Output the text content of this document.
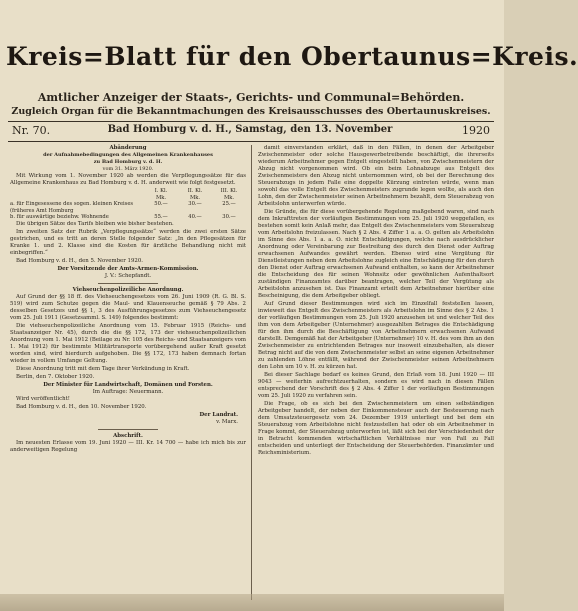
Kreis=Blatt für den Obertaunus=Kreis.
Amtlicher Anzeiger der Staats-, Gerichts- und Communal=Behörden.
Zugleich Organ für die Bekanntmachungen des Kreisausschusses des Obertaunuskreises.
Nr. 70.	Bad Homburg v. d. H., Samstag, den 13. November	1920
Abänderung
der Aufnahmebedingungen des Allgemeinen Krankenhauses
zu Bad Homburg v. d. H.
vom 31. März 1920.

Mit Wirkung vom 1. November 1920 ab werden die Verpflegungssätze für das Allgemeine Krankenhaus zu Bad Homburg v. d. H. anderweit wie folgt festgesetzt.

	I. Kl.	II. Kl.	III. Kl.
	Mk.	Mk.	Mk.
a. für Eingesessene des sogen. kleinen Kreises (früheres Amt Homburg	50.—	30.—	25.—
b. für auswärtige beziehw. Wohnende	55.—	40.—	30.—

Die übrigen Sätze des Tarifs bleiben wie bisher bestehen.

Im zweiten Satz der Rubrik „Verpflegungssätze“ werden die zwei ersten Sätze gestrichen, und es tritt an deren Stelle folgender Satz: „In den Pflegesätzen für Kranke 1. und 2. Klasse sind die Kosten für ärztliche Behandlung nicht mit einbegriffen.“

Bad Homburg v. d. H., den 5. November 1920.

Der Vorsitzende der Amts-Armen-Kommission.
J. V.: Schepfandt.
Viehseuchenpolizeiliche Anordnung.

Auf Grund der §§ 18 ff. des Viehseuchengesetzes vom 26. Juni 1909 (R. G. Bl. S. 519) wird zum Schutze gegen die Maul- und Klauenseuche gemäß § 79 Abs. 2 desselben Gesetzes und §§ 1, 3 des Ausführungsgesetzes zum Viehseuchengesetz vom 25. Juli 1911 (Gesetzsamml. S. 149) folgendes bestimmt:

Die viehseuchenpolizeiliche Anordnung vom 15. Februar 1915 (Reichs- und Staatsanzeiger Nr. 45), durch die die §§ 172, 173 der viehseuchenpolizeilichen Anordnung vom 1. Mai 1912 (Beilage zu Nr. 105 des Reichs- und Staatsanzeigers vom 1. Mai 1912) für bestimmte Militärtransporte vorübergehend außer Kraft gesetzt worden sind, wird hierdurch aufgehoben. Die §§ 172, 173 haben demnach fortan wieder in vollem Umfange Geltung.

Diese Anordnung tritt mit dem Tage ihrer Verkündung in Kraft.

Berlin, den 7. Oktober 1920.

Der Minister für Landwirtschaft, Domänen und Forsten.
Im Auftrage: Neuermann.

Wird veröffentlicht!

Bad Homburg v. d. H., den 10. November 1920.

Der Landrat.
v. Marx.
Abschrift.

Im neuesten Erlasse vom 19. Juni 1920 — III. Kr. 14 700 — habe ich mich bis zur anderweitigen Regelung

damit einverstanden erklärt, daß in den Fällen, in denen der Arbeitgeber Zwischenmeister oder solche Hausgewerbetreibende beschäftigt, die ihrerseits wiederum Arbeitnehmer gegen Entgelt eingestellt haben, von Zwischenmeistern der Abzug nicht vorgenommen wird. Ob ein beim Lohnabzuge aus Entgelt des Zwischenmeisters den Abzug nicht unternommen wird, ob bei der Berechnung des Steuerabzugs in jedem Falle eine doppelte Kürzung eintreten würde, wenn man sowohl das volle Entgelt des Zwischenmeisters zugrunde legen wollte, als auch den Lohn, den der Zwischenmeister seinen Arbeitnehmern bezahlt, dem Steuerabzug von Arbeitslohn unterwerfen würde.

Die Gründe, die für diese vorübergehende Regelung maßgebend waren, sind nach dem Inkrafttreten der vorläufigen Bestimmungen vom 25. Juli 1920 weggefallen, es bestehen somit kein Anlaß mehr, das Entgelt des Zwischenmeisters vom Steuerabzug vom Arbeitslohn freizulassen. Nach § 2 Abs. 4 Ziffer 1 a. a. O. gelten als Arbeitslohn im Sinne des Abs. 1 a. a. O. nicht Entschädigungen, welche nach ausdrücklicher Anordnung oder Vereinbarung zur Bestreitung des durch den Dienst oder Auftrag erwachsenen Aufwandes gewährt werden. Ebenso wird eine Vergütung für Dienstleistungen neben dem Arbeitslohne zugleich eine Entschädigung für den durch den Dienst oder Auftrag erwachsenen Aufwand enthalten, so kann der Arbeitnehmer die Entscheidung des für seinen Wohnsitz oder gewöhnlichen Aufenthaltsort zuständigen Finanzamtes darüber beantragen, welcher Teil der Vergütung als Arbeitslohn anzusehen ist. Das Finanzamt erteilt dem Arbeitnehmer hierüber eine Bescheinigung, die dem Arbeitgeber obliegt.

Auf Grund dieser Bestimmungen wird sich im Einzelfall feststellen lassen, inwieweit das Entgelt des Zwischenmeisters als Arbeitslohn im Sinne des § 2 Abs. 1 der vorläufigen Bestimmungen vom 25. Juli 1920 anzusehen ist und welcher Teil des ihm von dem Arbeitgeber (Unternehmer) ausgezahlten Betrages die Entschädigung für den ihm durch die Beschäftigung von Arbeitnehmern erwachsenen Aufwand darstellt. Demgemäß hat der Arbeitgeber (Unternehmer) 10 v. H. des vom ihm an den Zwischenmeister zu entrichtenden Betrages nur insoweit einzubehalten, als dieser Betrag nicht auf die von dem Zwischenmeister selbst an seine eigenen Arbeitnehmer zu zahlenden Löhne entfällt, während der Zwischenmeister seinen Arbeitnehmern den Lohn um 10 v. H. zu kürzen hat.

Bei dieser Sachlage bedarf es keines Grund, den Erlaß vom 18. Juni 1920 — III 9043 — weiterhin aufrechtzuerhalten, sondern es wird nach in diesen Fällen entsprechend der Vorschrift des § 2 Abs. 4 Ziffer 1 der vorläufigen Bestimmungen vom 25. Juli 1920 zu verfahren sein.

Die Frage, ob es sich bei den Zwischenmeistern um einen selbständigen Arbeitgeber handelt, der neben der Einkommensteuer auch der Besteuerung nach dem Umsatzsteuergesetz vom 24. Dezember 1919 unterliegt und bei dem ein Steuerabzug vom Arbeitslohne nicht festzustellen hat oder ob ein Arbeitnehmer in Frage kommt, der Steuerabzug unterworfen ist, läßt sich bei der Verschiedenheit der in Betracht kommenden wirtschaftlichen Verhältnisse nur von Fall zu Fall entscheiden und unterliegt der Entscheidung der Steuerbehörden. Finanzämter und Reichsministerium.
